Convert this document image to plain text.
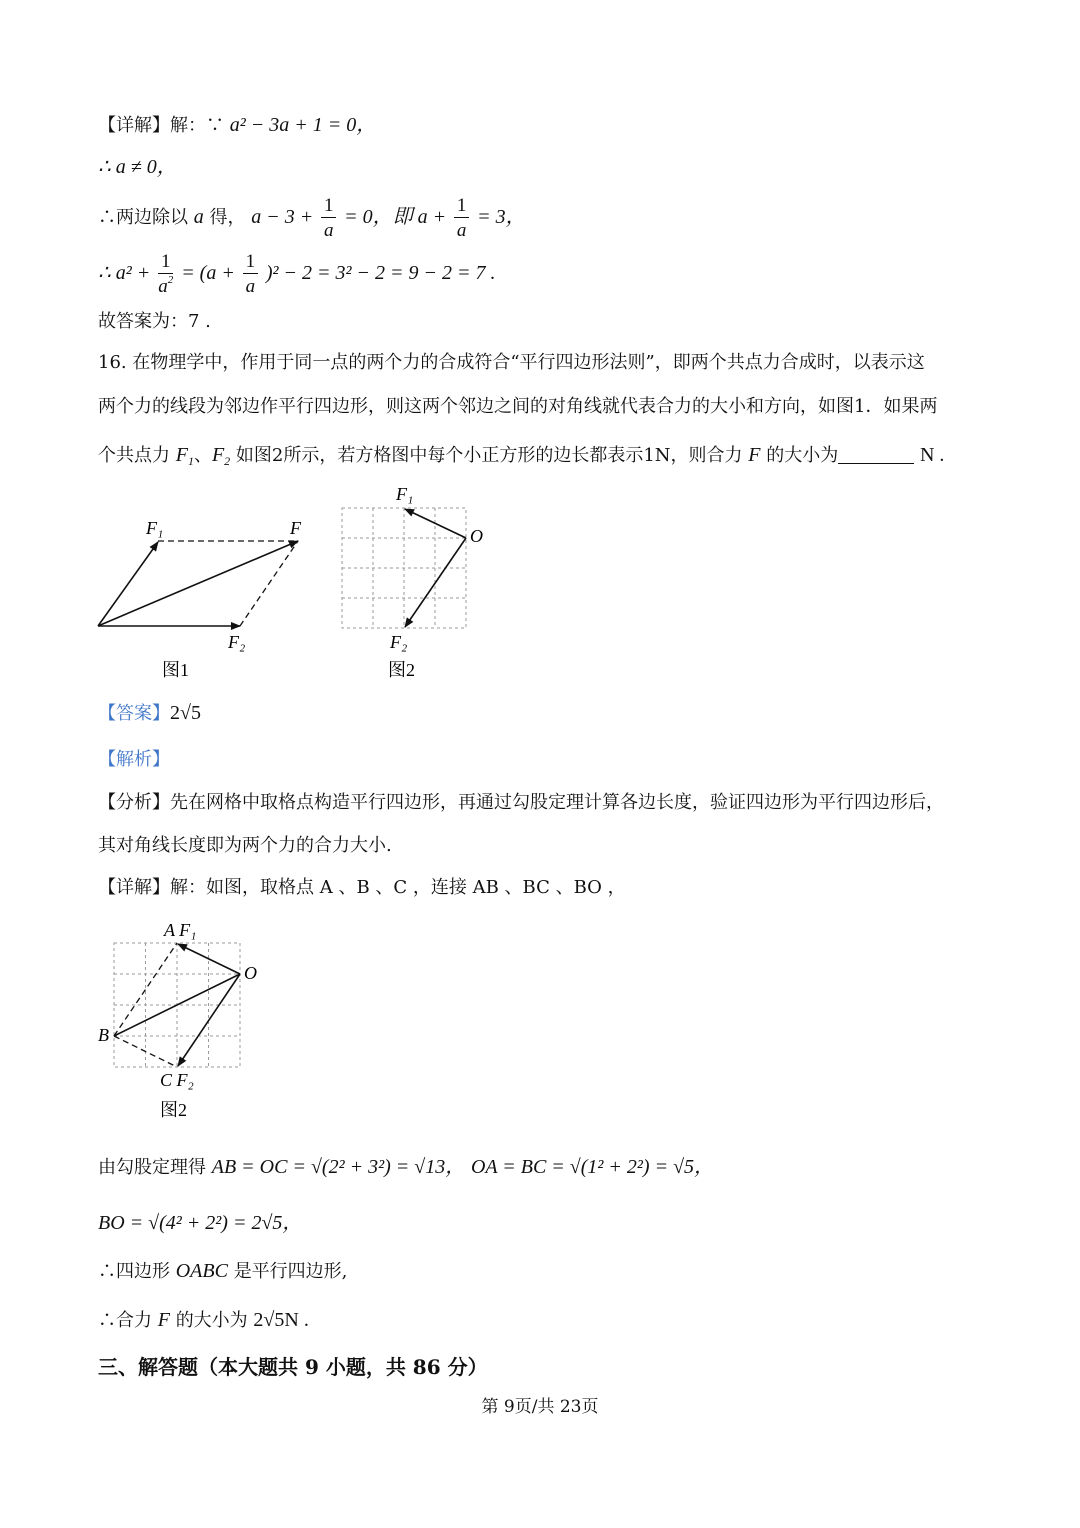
【详解】解：∵ a² − 3a + 1 = 0，
∴ a ≠ 0，
∴两边除以 a 得， $a - 3 + \frac{1}{a} = 0$，即 $a + \frac{1}{a} = 3$，
∴ $a^2 + \frac{1}{a^2} = (a + \frac{1}{a} )^2 - 2 = 3^2 - 2 = 9 - 2 = 7$ .
故答案为：7 .
16. 在物理学中，作用于同一点的两个力的合成符合“平行四边形法则”，即两个共点力合成时，以表示这
两个力的线段为邻边作平行四边形，则这两个邻边之间的对角线就代表合力的大小和方向，如图1．如果两
个共点力 $F_1$、$F_2$ 如图2所示，若方格图中每个小正方形的边长都表示1N，则合力 F 的大小为	N .
F₁	F
F₂
图1
F₁
O
F₂
图2
【答案】2√5
【解析】
【分析】先在网格中取格点构造平行四边形，再通过勾股定理计算各边长度，验证四边形为平行四边形后，
其对角线长度即为两个力的合力大小.
【详解】解：如图，取格点 A 、B 、C ，连接 AB 、BC 、BO ，
A F₁
O
B
C F₂
图2
由勾股定理得 AB = OC = √(2² + 3²) = √13， OA = BC = √(1² + 2²) = √5，
BO = √(4² + 2²) = 2√5，
∴四边形 OABC 是平行四边形,
∴合力 F 的大小为 2√5N .
三、解答题（本大题共 9 小题，共 86 分）
第 9页/共 23页
